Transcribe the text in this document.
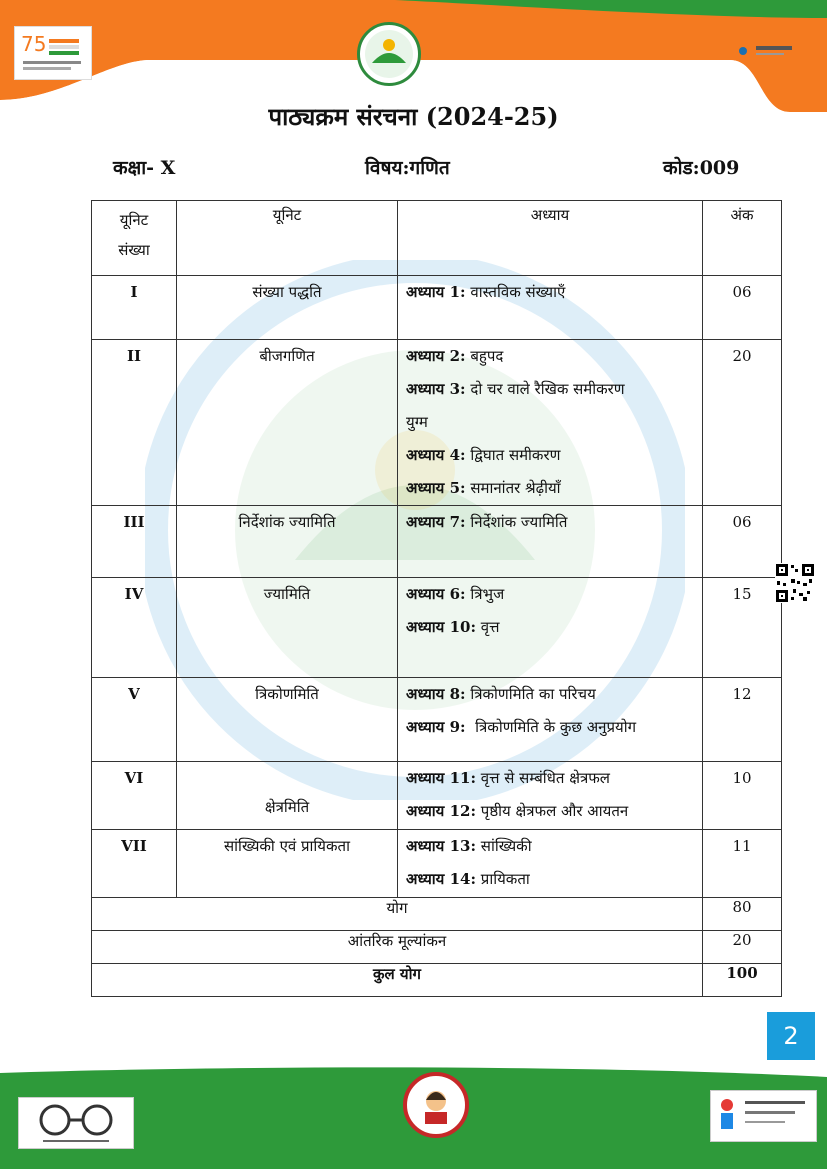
75
पाठ्यक्रम संरचना (2024-25)
कक्षा- X	विषय:गणित	कोड:009
यूनिट
संख्या	यूनिट	अध्याय	अंक
I	संख्या पद्धति	अध्याय 1: वास्तविक संख्याएँ	06
II	बीजगणित	अध्याय 2: बहुपद
अध्याय 3: दो चर वाले रैखिक समीकरण
युग्म
अध्याय 4: द्विघात समीकरण
अध्याय 5: समानांतर श्रेढ़ीयाँ	20
III	निर्देशांक ज्यामिति	अध्याय 7: निर्देशांक ज्यामिति	06
IV	ज्यामिति	अध्याय 6: त्रिभुज
अध्याय 10: वृत्त	15
V	त्रिकोणमिति	अध्याय 8: त्रिकोणमिति का परिचय
अध्याय 9:  त्रिकोणमिति के कुछ अनुप्रयोग	12
VI	क्षेत्रमिति	अध्याय 11: वृत्त से सम्बंधित क्षेत्रफल
अध्याय 12: पृष्ठीय क्षेत्रफल और आयतन	10
VII	सांख्यिकी एवं प्रायिकता	अध्याय 13: सांख्यिकी
अध्याय 14: प्रायिकता	11
योग			80
आंतरिक मूल्यांकन			20
कुल योग			100
2
